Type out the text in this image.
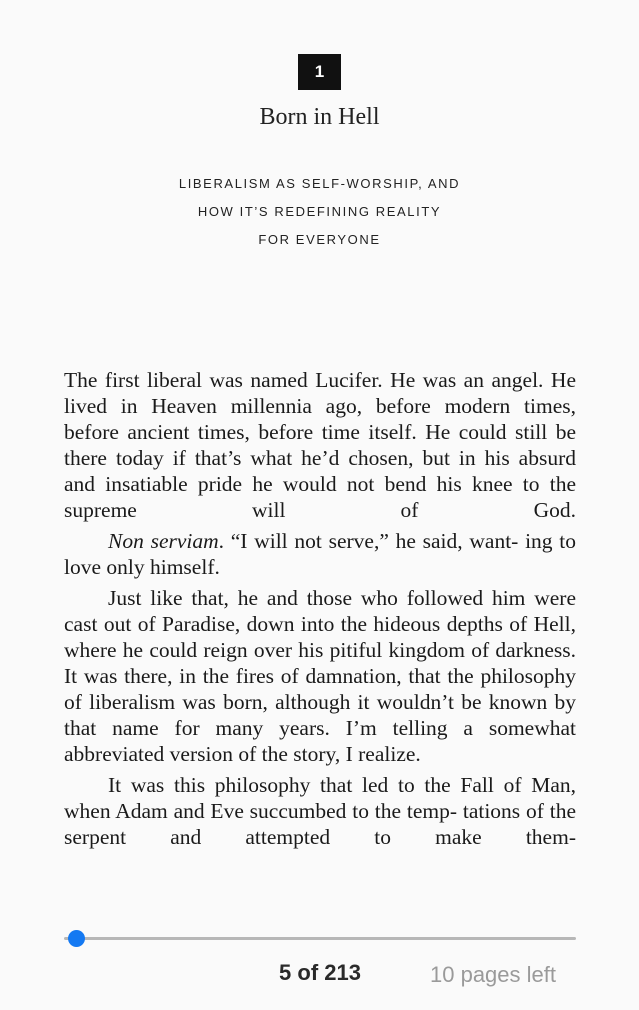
1
Born in Hell
LIBERALISM AS SELF-WORSHIP, AND
HOW IT’S REDEFINING REALITY
FOR EVERYONE

The first liberal was named Lucifer. He was an angel. He lived in Heaven millennia ago, before modern times, before ancient times, before time itself. He could still be there today if that’s what he’d chosen, but in his absurd and insatiable pride he would not bend his knee to the supreme will of God.

Non serviam. “I will not serve,” he said, want- ing to love only himself.

Just like that, he and those who followed him were cast out of Paradise, down into the hideous depths of Hell, where he could reign over his pitiful kingdom of darkness. It was there, in the fires of damnation, that the philosophy of liberalism was born, although it wouldn’t be known by that name for many years. I’m telling a somewhat abbreviated version of the story, I realize.

It was this philosophy that led to the Fall of Man, when Adam and Eve succumbed to the temp- tations of the serpent and attempted to make them-

5 of 213	10 pages left
